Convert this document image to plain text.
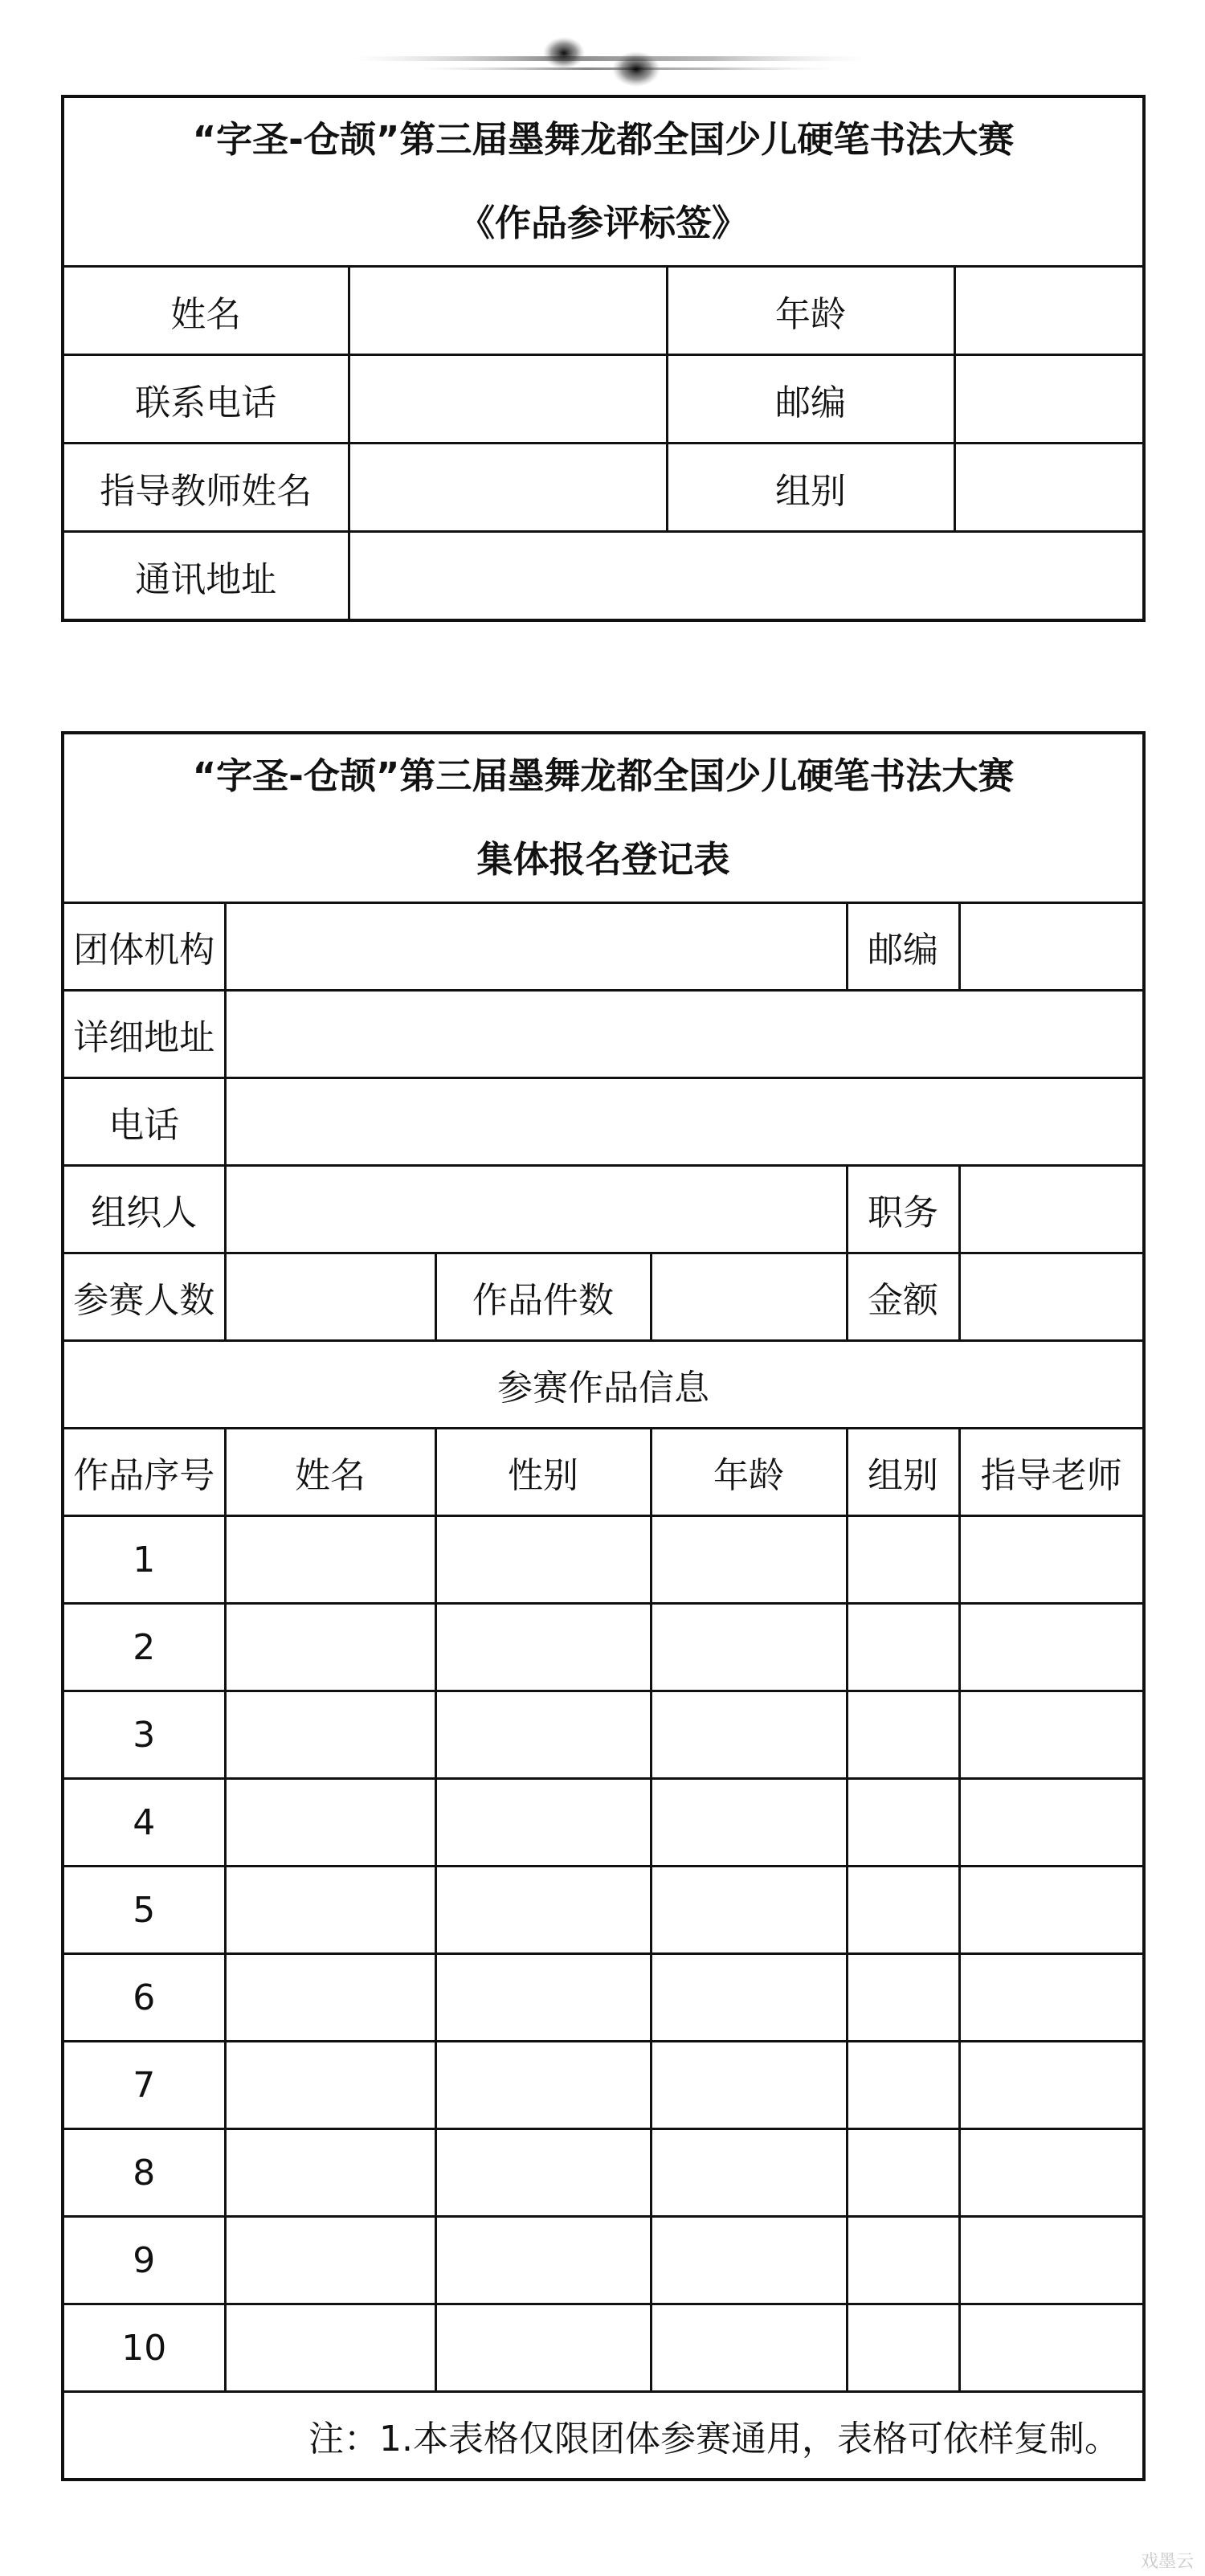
“字圣-仓颉”第三届墨舞龙都全国少儿硬笔书法大赛
《作品参评标签》			

姓名		年龄	
联系电话		邮编	
指导教师姓名		组别	
通讯地址			
“字圣-仓颉”第三届墨舞龙都全国少儿硬笔书法大赛
集体报名登记表					

团体机构				邮编	
详细地址					
电话					
组织人				职务	
参赛人数		作品件数		金额	
参赛作品信息					
作品序号	姓名	性别	年龄	组别	指导老师
1					
2					
3					
4					
5					
6					
7					
8					
9					
10					
注：1.本表格仅限团体参赛通用，表格可依样复制。					
戏墨云
